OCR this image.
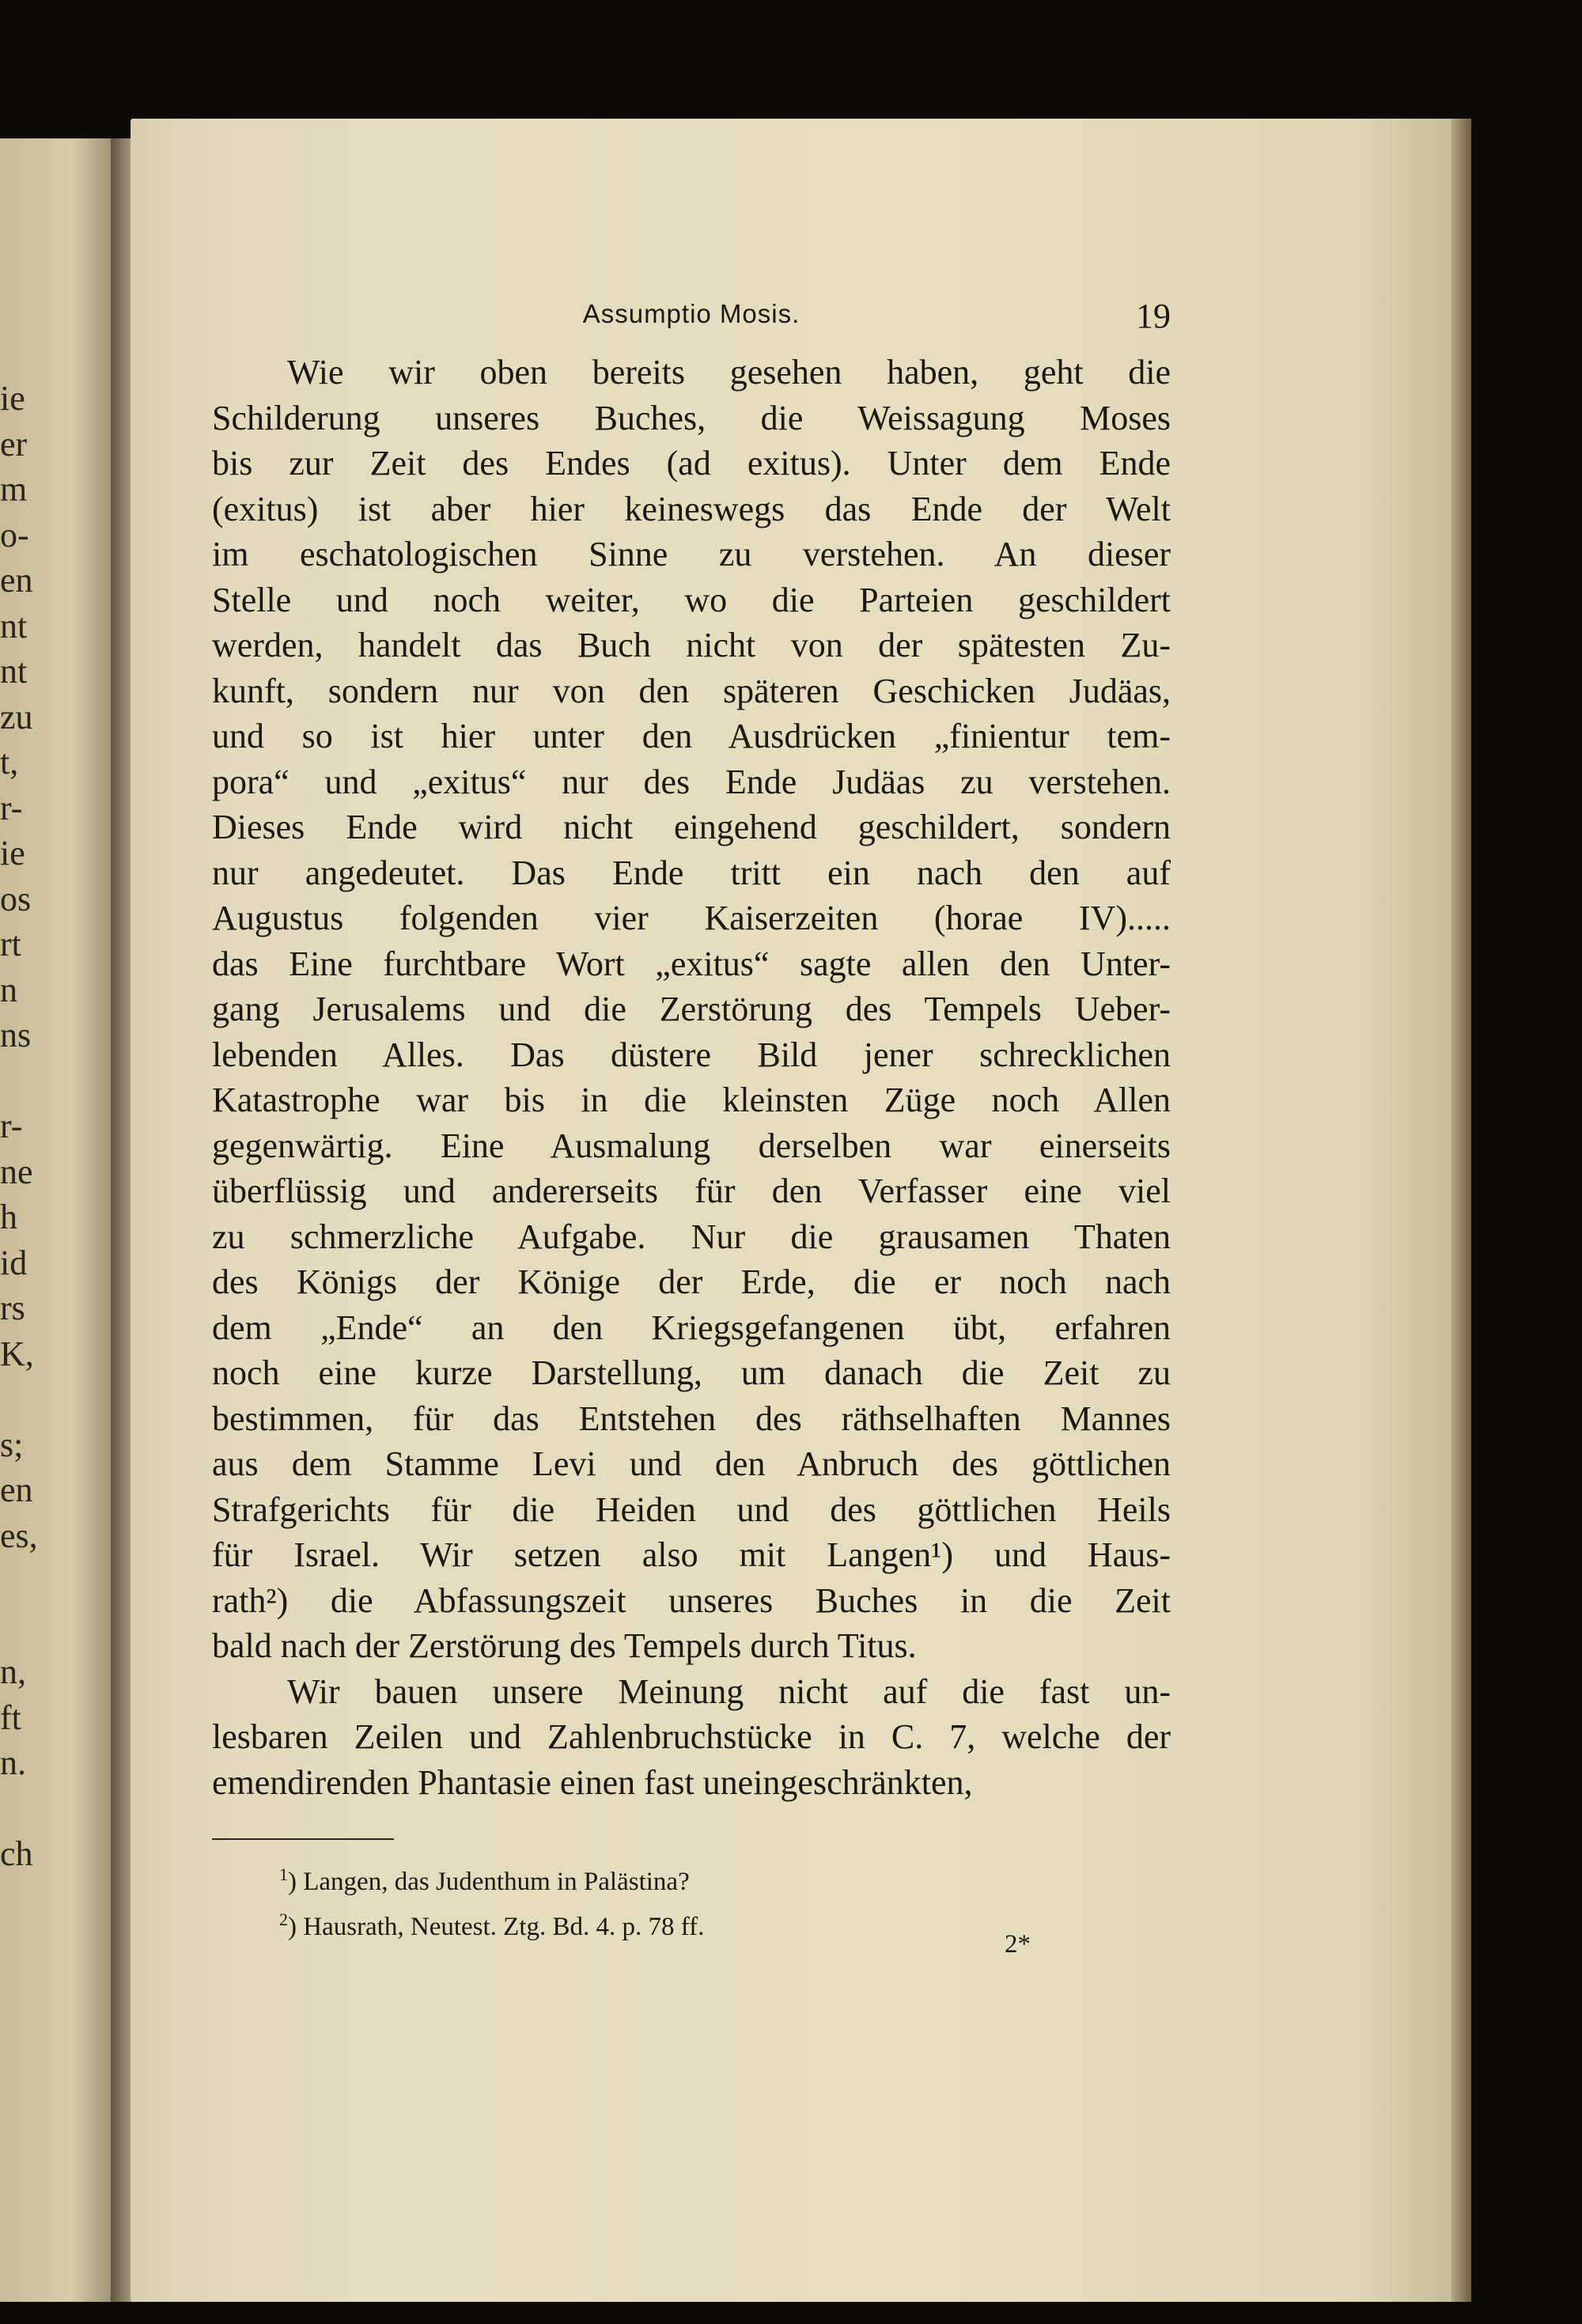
ie
er
m
o-
en
nt
nt
zu
t,
r-
ie
os
rt
n
ns
r-
ne
h
id
rs
K,
s;
en
es,
n,
ft
n.
ch
Assumptio Mosis.	19

Wie wir oben bereits gesehen haben, geht die

Schilderung unseres Buches, die Weissagung Moses

bis zur Zeit des Endes (ad exitus). Unter dem Ende

(exitus) ist aber hier keineswegs das Ende der Welt

im eschatologischen Sinne zu verstehen. An dieser

Stelle und noch weiter, wo die Parteien geschildert

werden, handelt das Buch nicht von der spätesten Zu-

kunft, sondern nur von den späteren Geschicken Judäas,

und so ist hier unter den Ausdrücken „finientur tem-

pora“ und „exitus“ nur des Ende Judäas zu verstehen.

Dieses Ende wird nicht eingehend geschildert, sondern

nur angedeutet. Das Ende tritt ein nach den auf

Augustus folgenden vier Kaiserzeiten (horae IV).....

das Eine furchtbare Wort „exitus“ sagte allen den Unter-

gang Jerusalems und die Zerstörung des Tempels Ueber-

lebenden Alles. Das düstere Bild jener schrecklichen

Katastrophe war bis in die kleinsten Züge noch Allen

gegenwärtig. Eine Ausmalung derselben war einerseits

überflüssig und andererseits für den Verfasser eine viel

zu schmerzliche Aufgabe. Nur die grausamen Thaten

des Königs der Könige der Erde, die er noch nach

dem „Ende“ an den Kriegsgefangenen übt, erfahren

noch eine kurze Darstellung, um danach die Zeit zu

bestimmen, für das Entstehen des räthselhaften Mannes

aus dem Stamme Levi und den Anbruch des göttlichen

Strafgerichts für die Heiden und des göttlichen Heils

für Israel. Wir setzen also mit Langen¹) und Haus-

rath²) die Abfassungszeit unseres Buches in die Zeit

bald nach der Zerstörung des Tempels durch Titus.

Wir bauen unsere Meinung nicht auf die fast un-

lesbaren Zeilen und Zahlenbruchstücke in C. 7, welche der

emendirenden Phantasie einen fast uneingeschränkten,

$^1$) Langen, das Judenthum in Palästina?
$^2$) Hausrath, Neutest. Ztg. Bd. 4. p. 78 ff.
2*
